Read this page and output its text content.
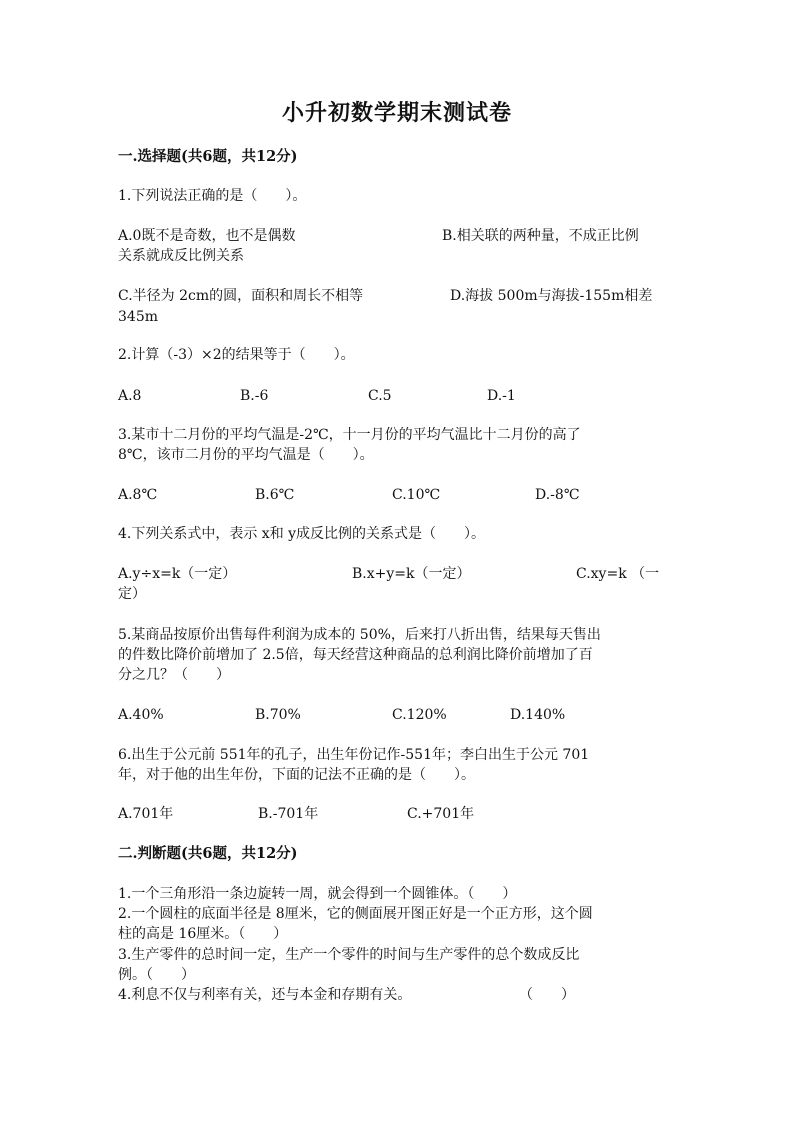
小升初数学期末测试卷
一.选择题(共6题，共12分)
1.下列说法正确的是（　　）。
A.0既不是奇数，也不是偶数	B.相关联的两种量，不成正比例
关系就成反比例关系
C.半径为 2cm的圆，面积和周长不相等	D.海拔 500m与海拔-155m相差
345m
2.计算（-3）×2的结果等于（　　）。
A.8	B.-6	C.5	D.-1
3.某市十二月份的平均气温是-2℃，十一月份的平均气温比十二月份的高了
8℃，该市二月份的平均气温是（　　）。
A.8℃	B.6℃	C.10℃	D.-8℃
4.下列关系式中，表示 x和 y成反比例的关系式是（　　）。
A.y÷x=k（一定）	B.x+y=k（一定）	C.xy=k （一
定）
5.某商品按原价出售每件利润为成本的 50%，后来打八折出售，结果每天售出
的件数比降价前增加了 2.5倍，每天经营这种商品的总利润比降价前增加了百
分之几？（　　）
A.40%	B.70%	C.120%	D.140%
6.出生于公元前 551年的孔子，出生年份记作-551年；李白出生于公元 701
年，对于他的出生年份，下面的记法不正确的是（　　）。
A.701年	B.-701年	C.+701年
二.判断题(共6题，共12分)
1.一个三角形沿一条边旋转一周，就会得到一个圆锥体。（　　）
2.一个圆柱的底面半径是 8厘米，它的侧面展开图正好是一个正方形，这个圆
柱的高是 16厘米。（　　）
3.生产零件的总时间一定，生产一个零件的时间与生产零件的总个数成反比
例。（　　）
4.利息不仅与利率有关，还与本金和存期有关。	（　　）
